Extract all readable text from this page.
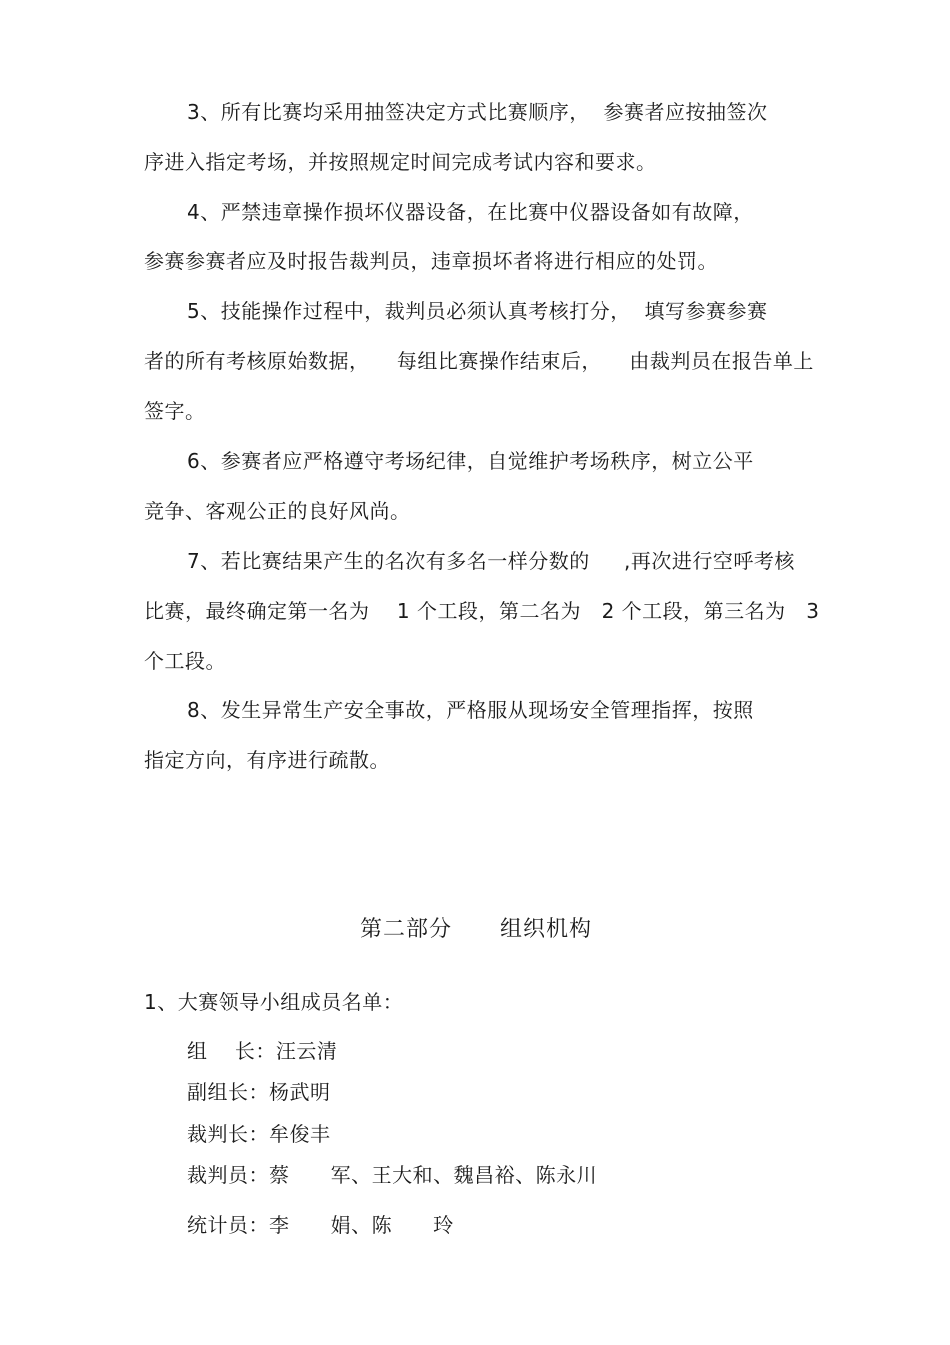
3、所有比赛均采用抽签决定方式比赛顺序，  参赛者应按抽签次
序进入指定考场，并按照规定时间完成考试内容和要求。
4、严禁违章操作损坏仪器设备，在比赛中仪器设备如有故障，
参赛参赛者应及时报告裁判员，违章损坏者将进行相应的处罚。
5、技能操作过程中，裁判员必须认真考核打分，  填写参赛参赛
者的所有考核原始数据，    每组比赛操作结束后，    由裁判员在报告单上
签字。
6、参赛者应严格遵守考场纪律，自觉维护考场秩序，树立公平
竞争、客观公正的良好风尚。
7、若比赛结果产生的名次有多名一样分数的     ,再次进行空呼考核
比赛，最终确定第一名为    1 个工段，第二名为   2 个工段，第三名为   3
个工段。
8、发生异常生产安全事故，严格服从现场安全管理指挥，按照
指定方向，有序进行疏散。
第二部分      组织机构
1、大赛领导小组成员名单：
组    长：汪云清
副组长：杨武明
裁判长：牟俊丰
裁判员：蔡      军、王大和、魏昌裕、陈永川
统计员：李      娟、陈      玲
